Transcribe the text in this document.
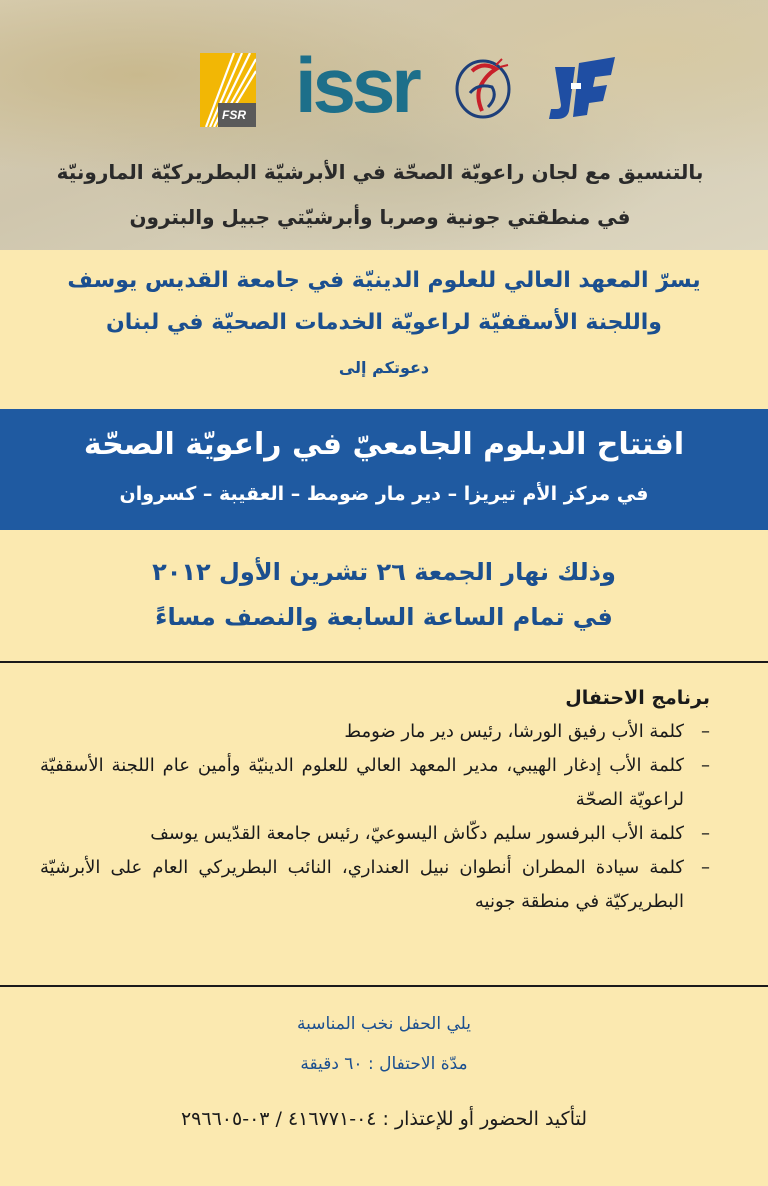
FSR issr
بالتنسيق مع لجان راعويّة الصحّة في الأبرشيّة البطريركيّة المارونيّة
في منطقتي جونية وصربا وأبرشيّتي جبيل والبترون
يسرّ المعهد العالي للعلوم الدينيّة في جامعة القديس يوسف
واللجنة الأسقفيّة لراعويّة الخدمات الصحيّة في لبنان
دعوتكم إلى
افتتاح الدبلوم الجامعيّ في راعويّة الصحّة
في مركز الأم تيريزا – دير مار ضومط – العقيبة – كسروان
وذلك نهار الجمعة ٢٦ تشرين الأول ٢٠١٢
في تمام الساعة السابعة والنصف مساءً
برنامج الاحتفال
–
كلمة الأب رفيق الورشا، رئيس دير مار ضومط
–
كلمة الأب إدغار الهيبي، مدير المعهد العالي للعلوم الدينيّة وأمين عام اللجنة الأسقفيّة لراعويّة الصحّة
–
كلمة الأب البرفسور سليم دكّاش اليسوعيّ، رئيس جامعة القدّيس يوسف
–
كلمة سيادة المطران أنطوان نبيل العنداري، النائب البطريركي العام على الأبرشيّة البطريركيّة في منطقة جونيه
يلي الحفل نخب المناسبة
مدّة الاحتفال : ٦٠ دقيقة
لتأكيد الحضور أو للإعتذار : ٠٤-٤١٦٧٧١ / ٠٣-٢٩٦٦٠٥
